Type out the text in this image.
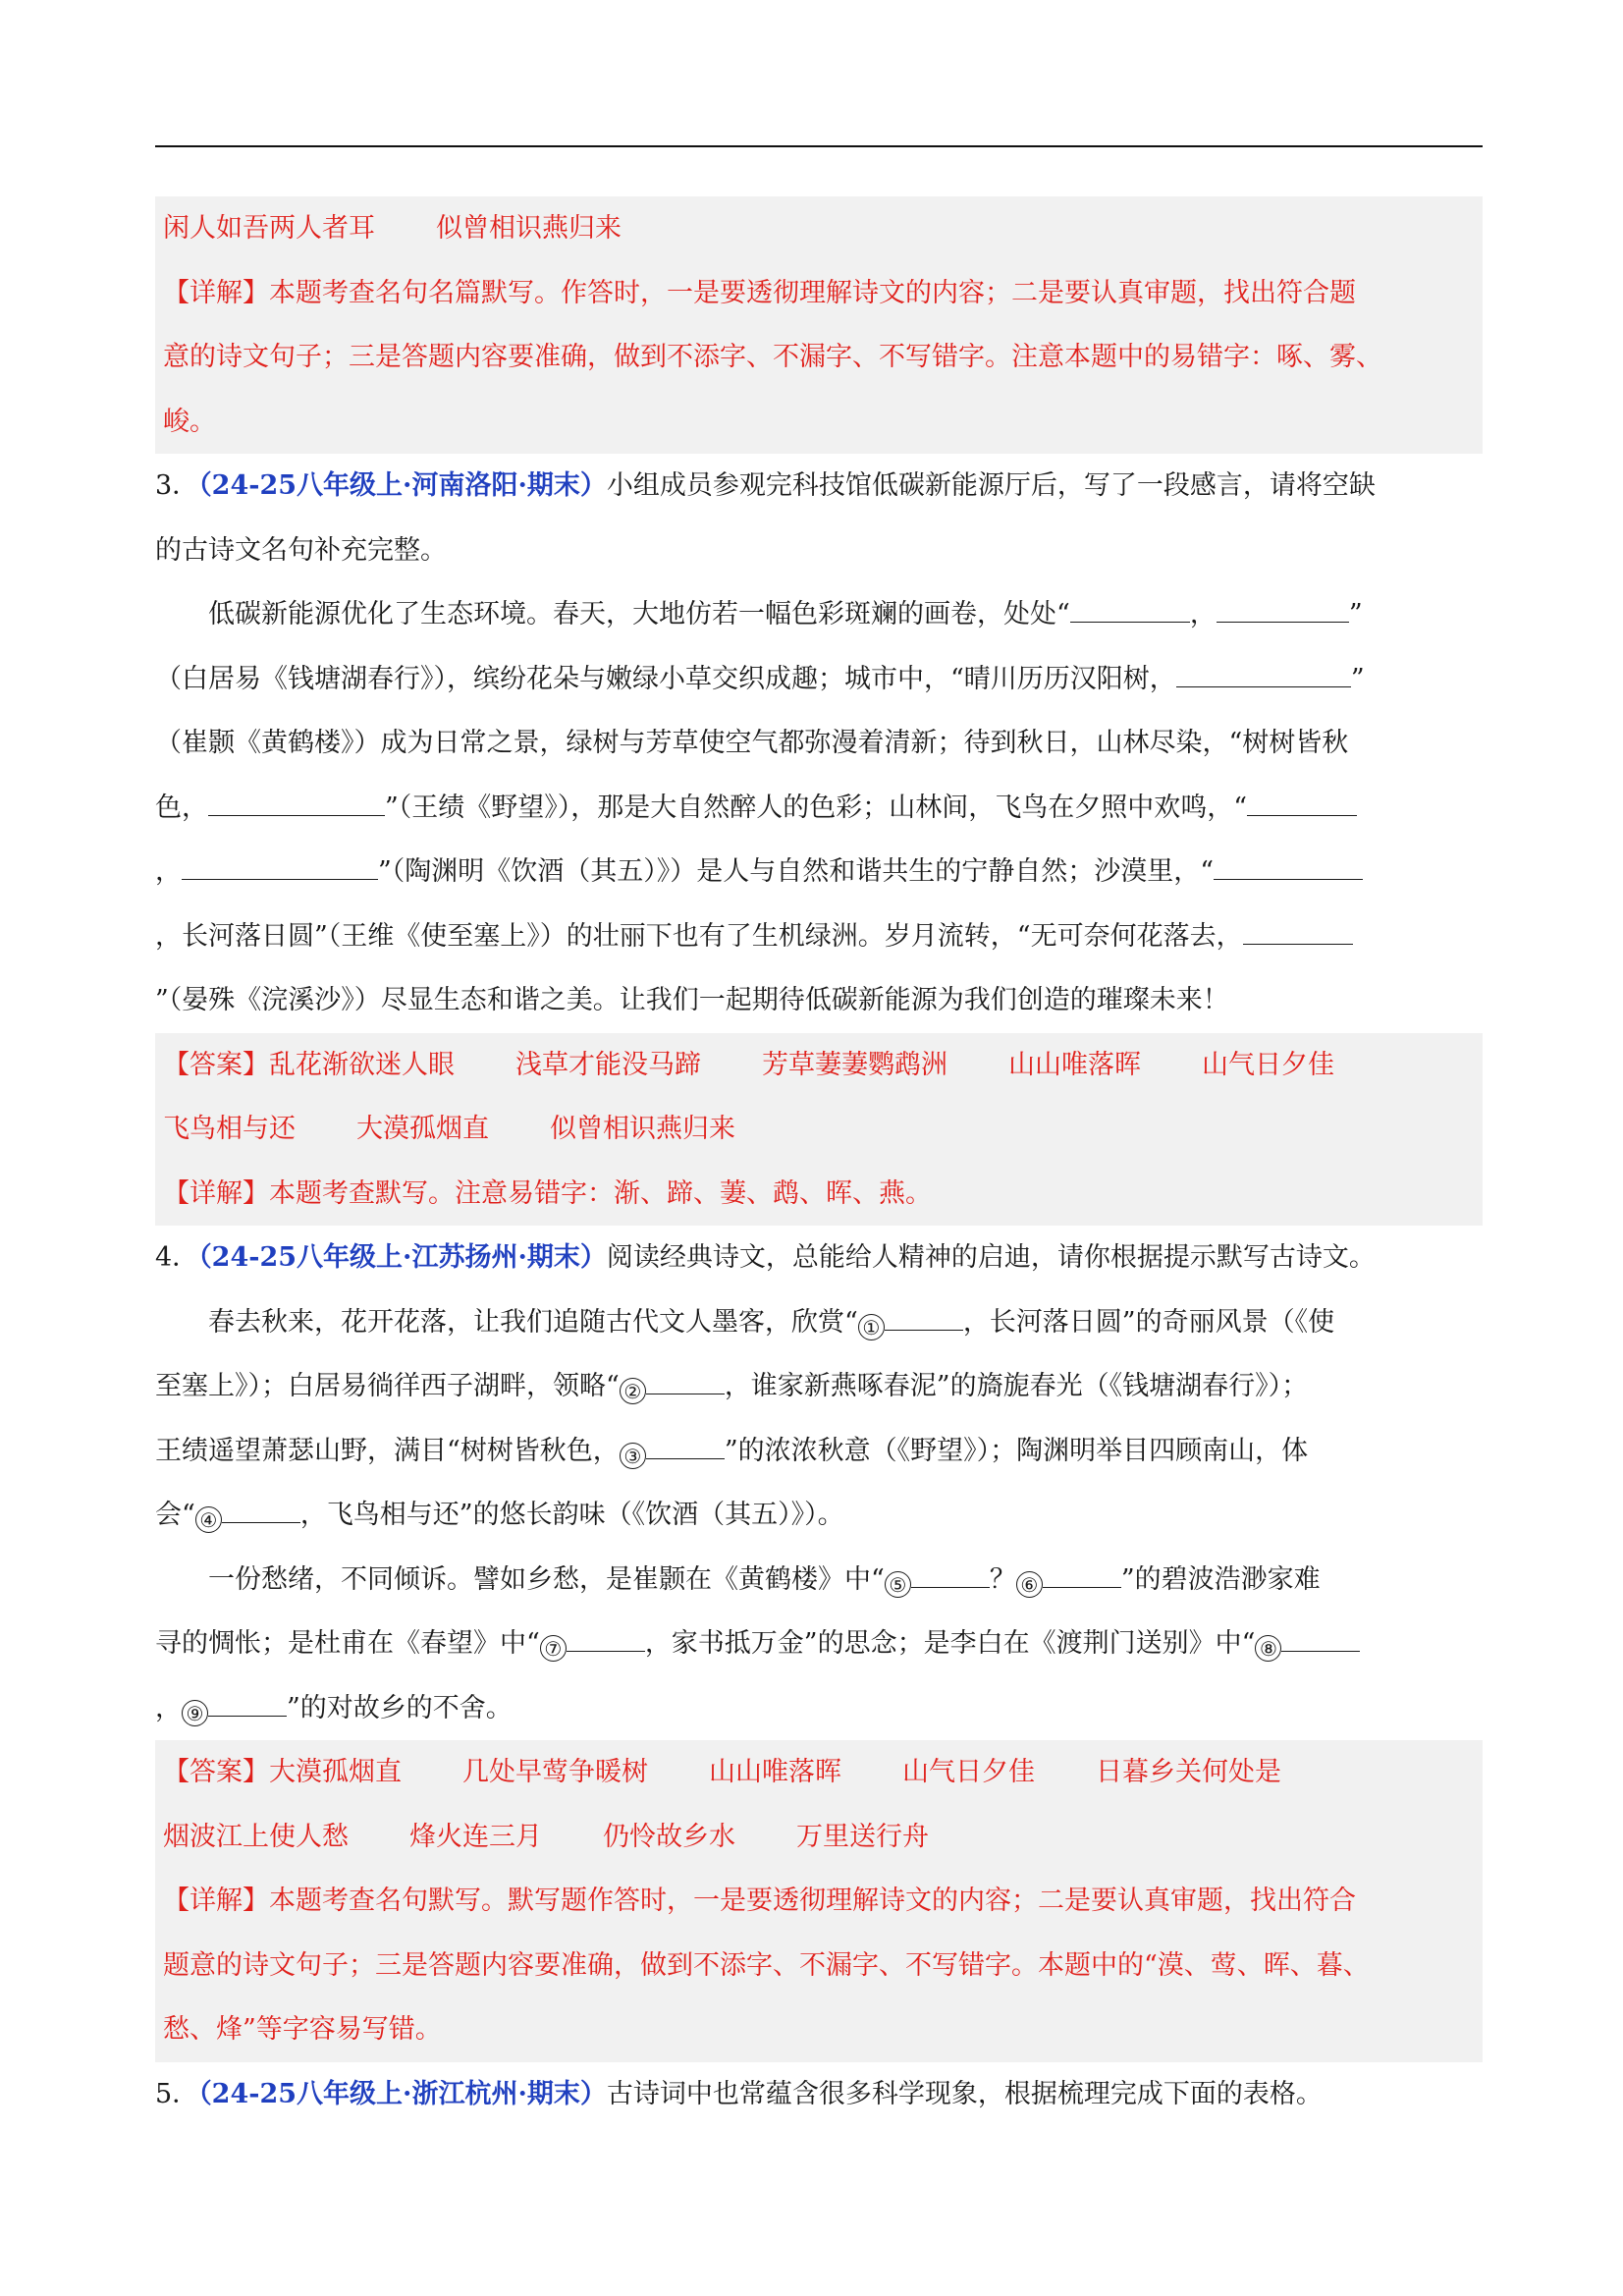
闲人如吾两人者耳 似曾相识燕归来
【详解】本题考查名句名篇默写。作答时，一是要透彻理解诗文的内容；二是要认真审题，找出符合题
意的诗文句子；三是答题内容要准确，做到不添字、不漏字、不写错字。注意本题中的易错字：啄、雾、
峻。
3．（24-25八年级上·河南洛阳·期末）小组成员参观完科技馆低碳新能源厅后，写了一段感言，请将空缺
的古诗文名句补充完整。
低碳新能源优化了生态环境。春天，大地仿若一幅色彩斑斓的画卷，处处“	，	”
（白居易《钱塘湖春行》），缤纷花朵与嫩绿小草交织成趣；城市中，“晴川历历汉阳树，	”
（崔颢《黄鹤楼》）成为日常之景，绿树与芳草使空气都弥漫着清新；待到秋日，山林尽染，“树树皆秋
色，	”（王绩《野望》），那是大自然醉人的色彩；山林间，飞鸟在夕照中欢鸣，“
，	”（陶渊明《饮酒（其五）》）是人与自然和谐共生的宁静自然；沙漠里，“
，长河落日圆”（王维《使至塞上》）的壮丽下也有了生机绿洲。岁月流转，“无可奈何花落去，
”（晏殊《浣溪沙》）尽显生态和谐之美。让我们一起期待低碳新能源为我们创造的璀璨未来！
【答案】乱花渐欲迷人眼 浅草才能没马蹄 芳草萋萋鹦鹉洲 山山唯落晖 山气日夕佳
飞鸟相与还 大漠孤烟直 似曾相识燕归来
【详解】本题考查默写。注意易错字：渐、蹄、萋、鹉、晖、燕。
4．（24-25八年级上·江苏扬州·期末）阅读经典诗文，总能给人精神的启迪，请你根据提示默写古诗文。
春去秋来，花开花落，让我们追随古代文人墨客，欣赏“ ①	，长河落日圆”的奇丽风景（《使
至塞上》）；白居易徜徉西子湖畔，领略“ ②	，谁家新燕啄春泥”的旖旎春光（《钱塘湖春行》）；
王绩遥望萧瑟山野，满目“树树皆秋色， ③	”的浓浓秋意（《野望》）；陶渊明举目四顾南山，体
会“ ④	，飞鸟相与还”的悠长韵味（《饮酒（其五）》）。
一份愁绪，不同倾诉。譬如乡愁，是崔颢在《黄鹤楼》中“ ⑤	？ ⑥	”的碧波浩渺家难
寻的惆怅；是杜甫在《春望》中“ ⑦	，家书抵万金”的思念；是李白在《渡荆门送别》中“ ⑧
， ⑨	”的对故乡的不舍。
【答案】大漠孤烟直 几处早莺争暖树 山山唯落晖 山气日夕佳 日暮乡关何处是
烟波江上使人愁 烽火连三月 仍怜故乡水 万里送行舟
【详解】本题考查名句默写。默写题作答时，一是要透彻理解诗文的内容；二是要认真审题，找出符合
题意的诗文句子；三是答题内容要准确，做到不添字、不漏字、不写错字。本题中的“漠、莺、晖、暮、
愁、烽”等字容易写错。
5．（24-25八年级上·浙江杭州·期末）古诗词中也常蕴含很多科学现象，根据梳理完成下面的表格。
